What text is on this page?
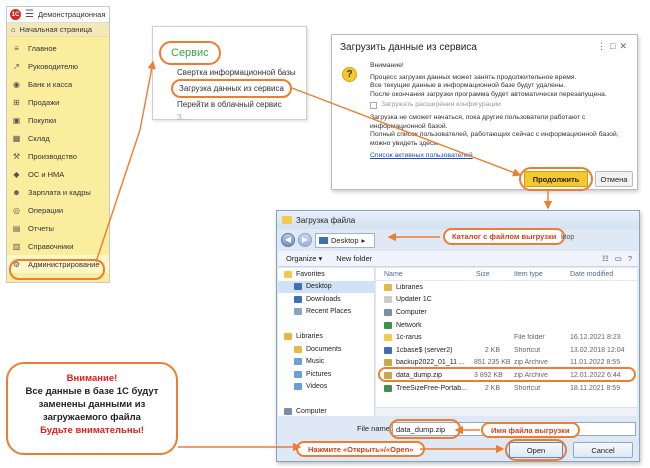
1C ☰ Демонстрационная
⌂ Начальная страница
≡ Главное
↗ Руководителю
◉ Банк и касса
⊞ Продажи
▣ Покупки
▦ Склад
⚒ Производство
◆ ОС и НМА
☻ Зарплата и кадры
◎ Операции
▤ Отчеты
▥ Справочники
⚙ Администрирование
Сервис
Свертка информационной базы
Загрузка данных из сервиса
Перейти в облачный сервис
З...
Загрузить данные из сервиса	⋮□✕
?

Внимание!

Процесс загрузки данных может занять продолжительное время.

Все текущие данные в информационной базе будут удалены.

После окончания загрузки программа будет автоматически перезапущена.

Загружать расширения конфигурации

Загрузка не сможет начаться, пока другие пользователи работают с информационной базой.

Полный список пользователей, работающих сейчас с информационной базой, можно увидеть здесь.

Список активных пользователей
Продолжить	Отмена
Загрузка файла
◀	▶	Desktop ▸	Каталог с файлом выгрузки ktop
Organize ▾ New folder	☷ ▭ ?
Favorites
Desktop
Downloads
Recent Places
Libraries
Documents
Music
Pictures
Videos
Computer
Name	Size	Item type	Date modified
Libraries
Updater 1C
Computer
Network
1c-rarus	File folder	16.12.2021 8:23
1cbase$ (server2)	2 KB	Shortcut	13.02.2018 12:04
backup2022_01_11 ... 851 235 KB zip Archive	11.01.2022 8:55
data_dump.zip	3 892 KB	zip Archive	12.01.2022 6:44
TreeSizeFree-Portab...	2 KB	Shortcut	18.11.2021 8:59
File name: data_dump.zip	Имя файла выгрузки
Open	Cancel
Внимание!
Все данные в базе 1С будут заменены данными из загружаемого файла
Будьте внимательны!
Нажмите «Открыть»/«Open»
